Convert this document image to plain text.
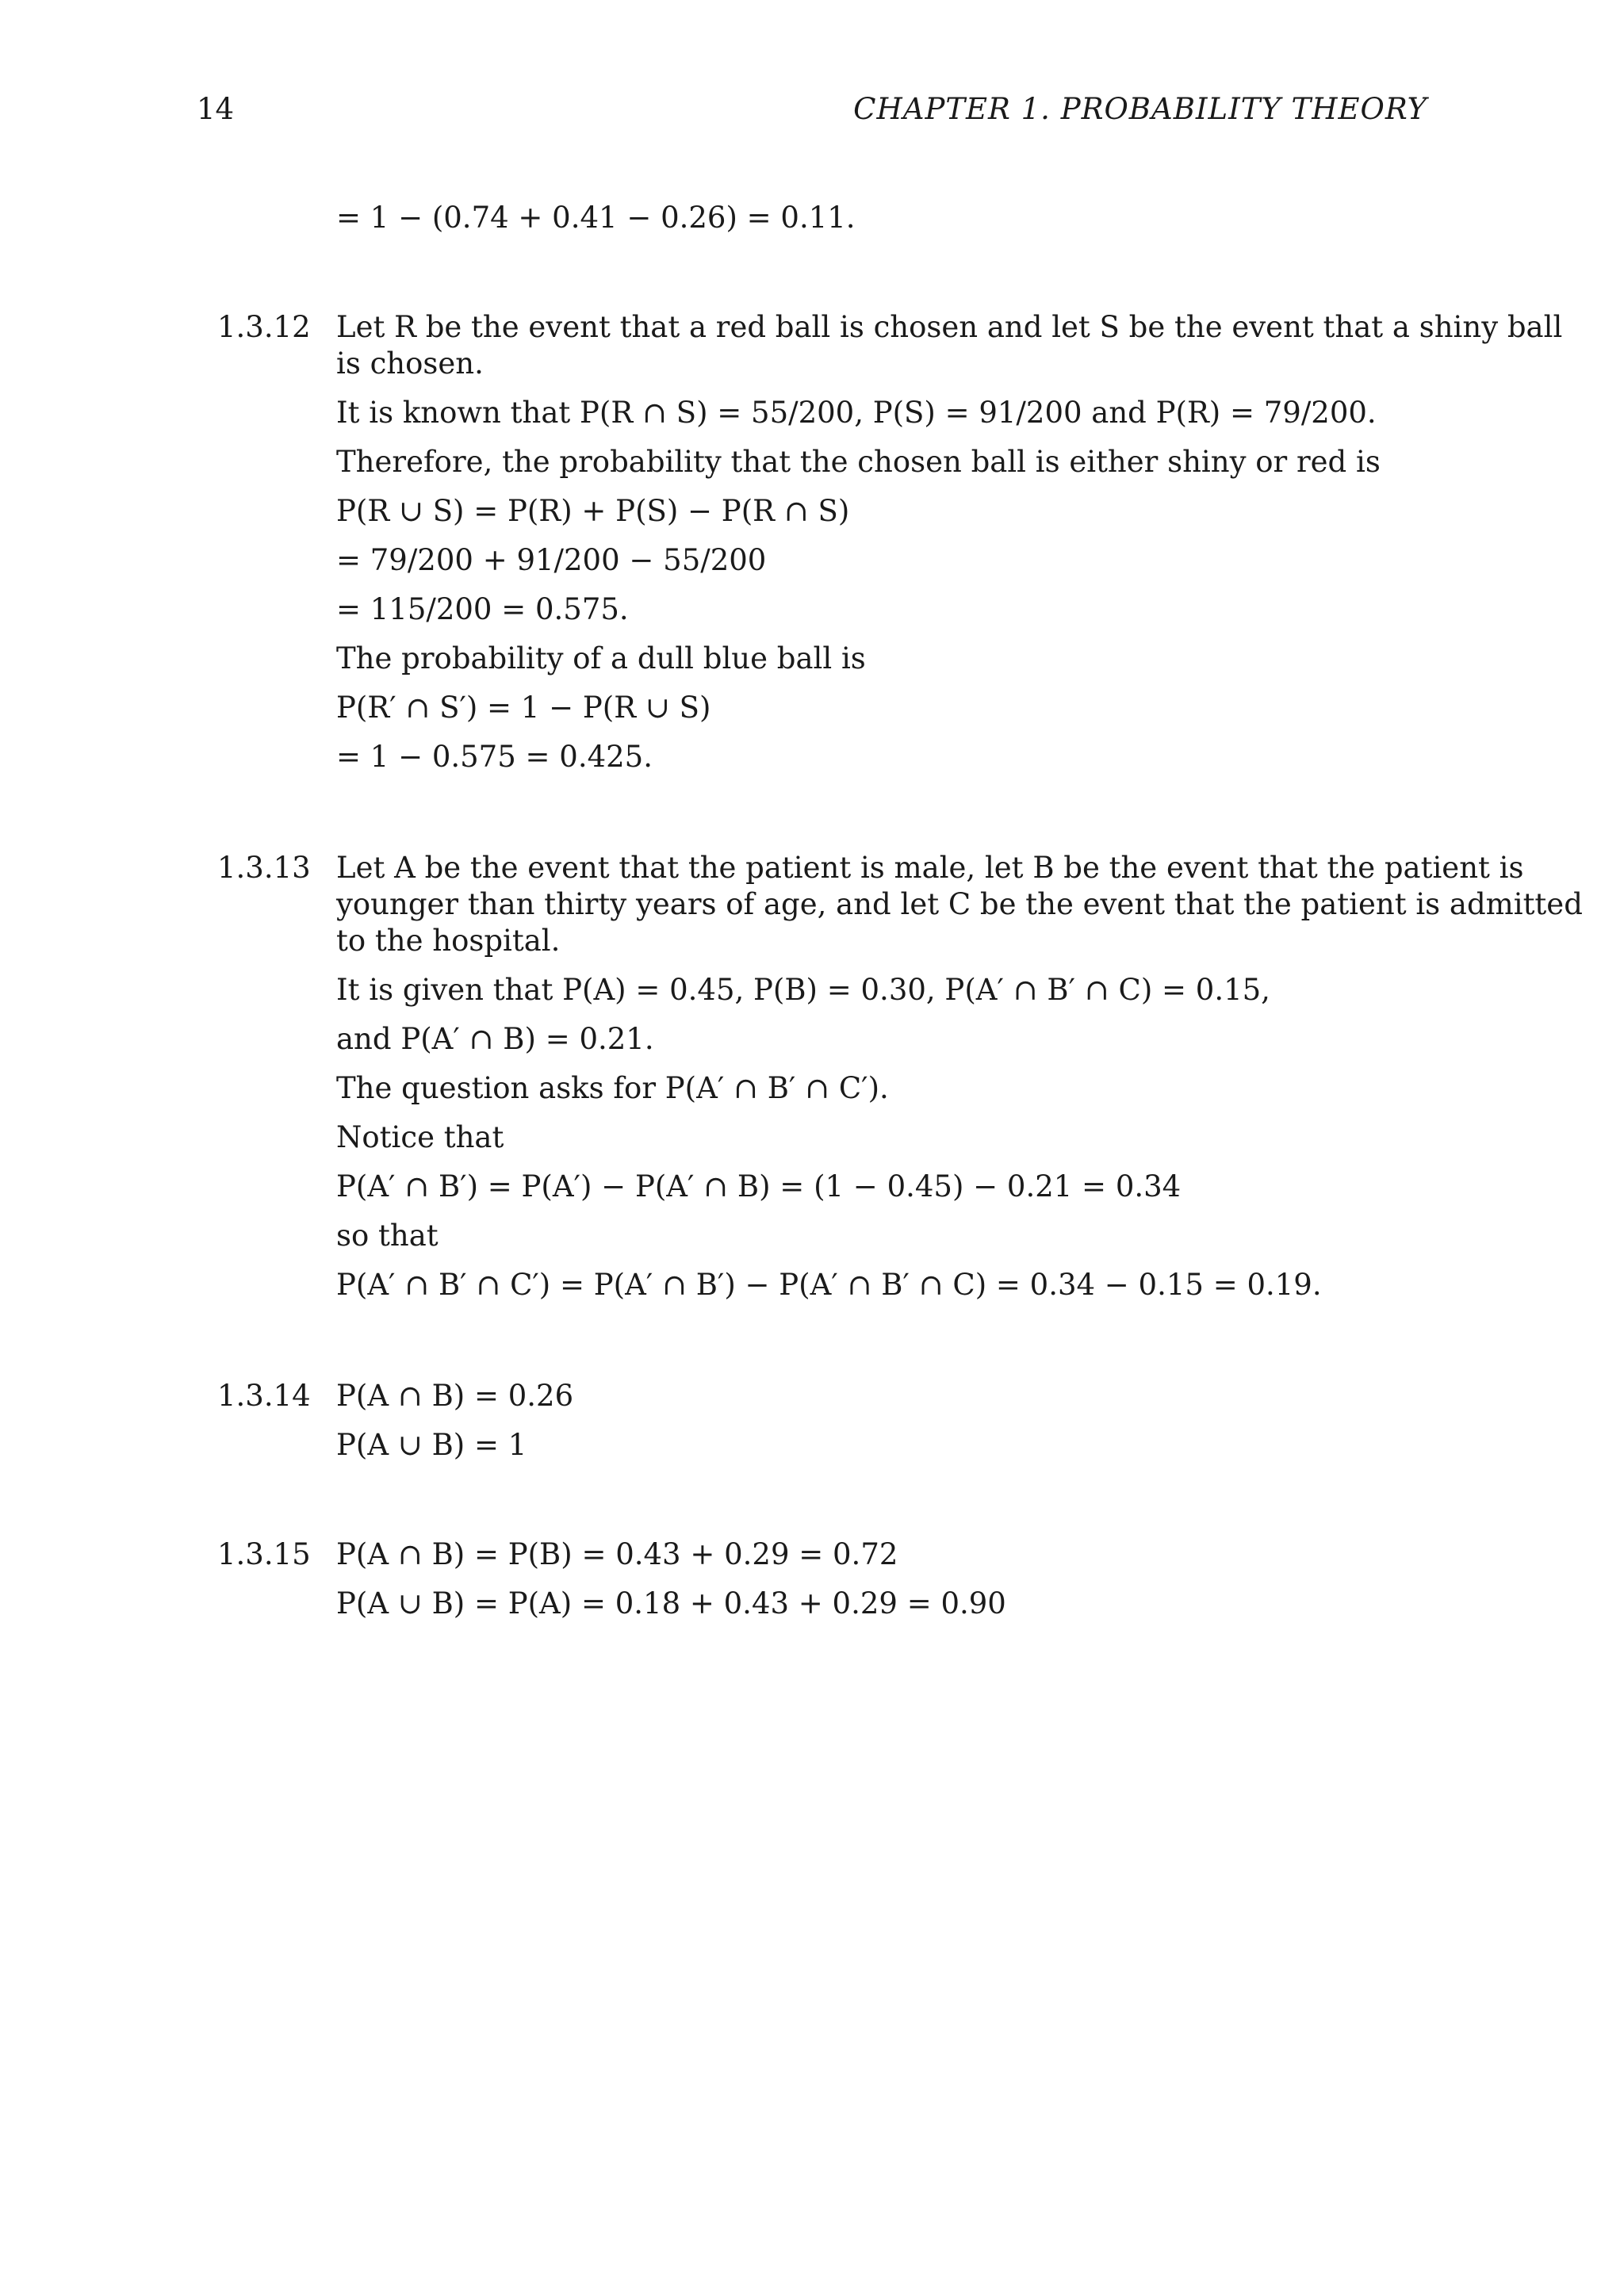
14	CHAPTER 1. PROBABILITY THEORY
= 1 − (0.74 + 0.41 − 0.26) = 0.11.
1.3.12 Let R be the event that a red ball is chosen and let S be the event that a shiny ball
is chosen.
It is known that P(R ∩ S) = 55/200, P(S) = 91/200 and P(R) = 79/200.
Therefore, the probability that the chosen ball is either shiny or red is
P(R ∪ S) = P(R) + P(S) − P(R ∩ S)
= 79/200 + 91/200 − 55/200
= 115/200 = 0.575.
The probability of a dull blue ball is
P(R′ ∩ S′) = 1 − P(R ∪ S)
= 1 − 0.575 = 0.425.
1.3.13 Let A be the event that the patient is male, let B be the event that the patient is
younger than thirty years of age, and let C be the event that the patient is admitted
to the hospital.
It is given that P(A) = 0.45, P(B) = 0.30, P(A′ ∩ B′ ∩ C) = 0.15,
and P(A′ ∩ B) = 0.21.
The question asks for P(A′ ∩ B′ ∩ C′).
Notice that
P(A′ ∩ B′) = P(A′) − P(A′ ∩ B) = (1 − 0.45) − 0.21 = 0.34
so that
P(A′ ∩ B′ ∩ C′) = P(A′ ∩ B′) − P(A′ ∩ B′ ∩ C) = 0.34 − 0.15 = 0.19.
1.3.14 P(A ∩ B) = 0.26
P(A ∪ B) = 1
1.3.15 P(A ∩ B) = P(B) = 0.43 + 0.29 = 0.72
P(A ∪ B) = P(A) = 0.18 + 0.43 + 0.29 = 0.90
